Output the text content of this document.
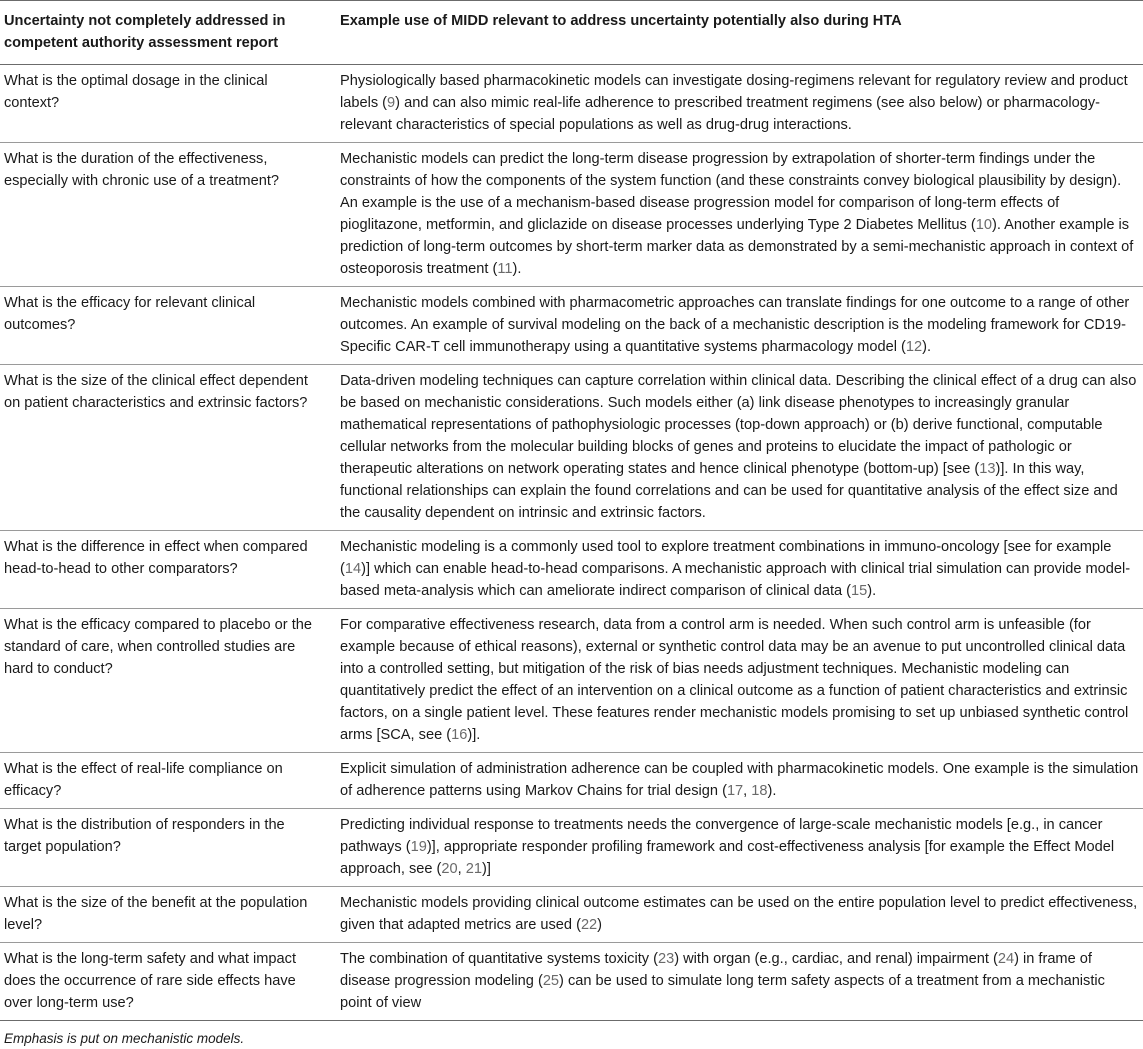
Uncertainty not completely addressed in competent authority assessment report	Example use of MIDD relevant to address uncertainty potentially also during HTA
What is the optimal dosage in the clinical context?	Physiologically based pharmacokinetic models can investigate dosing-regimens relevant for regulatory review and product labels (9) and can also mimic real-life adherence to prescribed treatment regimens (see also below) or pharmacology-relevant characteristics of special populations as well as drug-drug interactions.
What is the duration of the effectiveness, especially with chronic use of a treatment?	Mechanistic models can predict the long-term disease progression by extrapolation of shorter-term findings under the constraints of how the components of the system function (and these constraints convey biological plausibility by design). An example is the use of a mechanism-based disease progression model for comparison of long-term effects of pioglitazone, metformin, and gliclazide on disease processes underlying Type 2 Diabetes Mellitus (10). Another example is prediction of long-term outcomes by short-term marker data as demonstrated by a semi-mechanistic approach in context of osteoporosis treatment (11).
What is the efficacy for relevant clinical outcomes?	Mechanistic models combined with pharmacometric approaches can translate findings for one outcome to a range of other outcomes. An example of survival modeling on the back of a mechanistic description is the modeling framework for CD19-Specific CAR-T cell immunotherapy using a quantitative systems pharmacology model (12).
What is the size of the clinical effect dependent on patient characteristics and extrinsic factors?	Data-driven modeling techniques can capture correlation within clinical data. Describing the clinical effect of a drug can also be based on mechanistic considerations. Such models either (a) link disease phenotypes to increasingly granular mathematical representations of pathophysiologic processes (top-down approach) or (b) derive functional, computable cellular networks from the molecular building blocks of genes and proteins to elucidate the impact of pathologic or therapeutic alterations on network operating states and hence clinical phenotype (bottom-up) [see (13)]. In this way, functional relationships can explain the found correlations and can be used for quantitative analysis of the effect size and the causality dependent on intrinsic and extrinsic factors.
What is the difference in effect when compared head-to-head to other comparators?	Mechanistic modeling is a commonly used tool to explore treatment combinations in immuno-oncology [see for example (14)] which can enable head-to-head comparisons. A mechanistic approach with clinical trial simulation can provide model-based meta-analysis which can ameliorate indirect comparison of clinical data (15).
What is the efficacy compared to placebo or the standard of care, when controlled studies are hard to conduct?	For comparative effectiveness research, data from a control arm is needed. When such control arm is unfeasible (for example because of ethical reasons), external or synthetic control data may be an avenue to put uncontrolled clinical data into a controlled setting, but mitigation of the risk of bias needs adjustment techniques. Mechanistic modeling can quantitatively predict the effect of an intervention on a clinical outcome as a function of patient characteristics and extrinsic factors, on a single patient level. These features render mechanistic models promising to set up unbiased synthetic control arms [SCA, see (16)].
What is the effect of real-life compliance on efficacy?	Explicit simulation of administration adherence can be coupled with pharmacokinetic models. One example is the simulation of adherence patterns using Markov Chains for trial design (17, 18).
What is the distribution of responders in the target population?	Predicting individual response to treatments needs the convergence of large-scale mechanistic models [e.g., in cancer pathways (19)], appropriate responder profiling framework and cost-effectiveness analysis [for example the Effect Model approach, see (20, 21)]
What is the size of the benefit at the population level?	Mechanistic models providing clinical outcome estimates can be used on the entire population level to predict effectiveness, given that adapted metrics are used (22)
What is the long-term safety and what impact does the occurrence of rare side effects have over long-term use?	The combination of quantitative systems toxicity (23) with organ (e.g., cardiac, and renal) impairment (24) in frame of disease progression modeling (25) can be used to simulate long term safety aspects of a treatment from a mechanistic point of view
Emphasis is put on mechanistic models.
